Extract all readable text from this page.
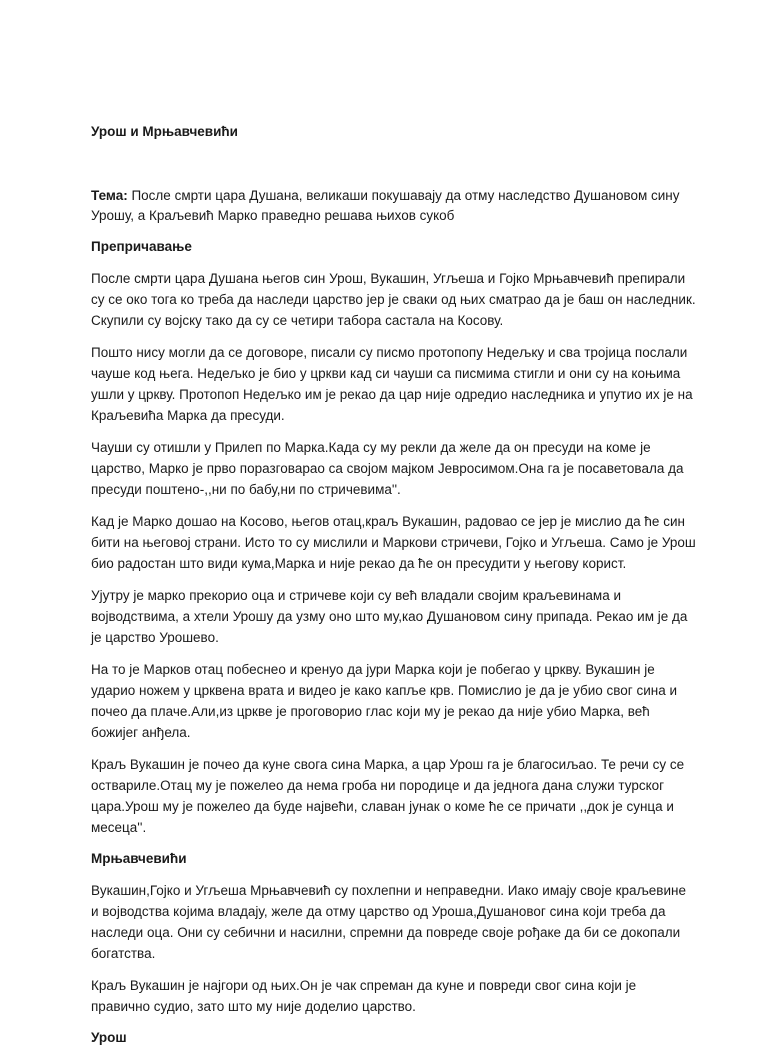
Урош и Мрњавчевићи
Тема: После смрти цара Душана, великаши покушавају да отму наследство Душановом сину Урошу, а Краљевић Марко праведно решава њихов сукоб
Препричавање

После смрти цара Душана његов син Урош, Вукашин, Угљеша и Гојко Мрњавчевић препирали су се око тога ко треба да наследи царство јер је сваки од њих сматрао да је баш он наследник. Скупили су војску тако да су се четири табора састала на Косову.

Пошто нису могли да се договоре, писали су писмо протопопу Недељку и сва тројица послали чауше код њега. Недељко је био у цркви кад си чауши са писмима стигли и они су на коњима ушли у цркву. Протопоп Недељко им је рекао да цар није одредио наследника и упутио их је на Краљевића Марка да пресуди.

Чауши су отишли у Прилеп по Марка.Када су му рекли да желе да он пресуди на коме је царство, Марко је прво поразговарао са својом мајком Јевросимом.Она га је посаветовала да пресуди поштено-,,ни по бабу,ни по стричевима''.

Кад је Марко дошао на Косово, његов отац,краљ Вукашин, радовао се јер је мислио да ће син бити на његовој страни. Исто то су мислили и Маркови стричеви, Гојко и Угљеша. Само је Урош био радостан што види кума,Марка и није рекао да ће он пресудити у његову корист.

Ујутру је марко прекорио оца и стричеве који су већ владали својим краљевинама и војводствима, а хтели Урошу да узму оно што му,као Душановом сину припада. Рекао им је да је царство Урошево.

На то је Марков отац побеснео и кренуо да јури Марка који је побегао у цркву. Вукашин је ударио ножем у црквена врата и видео је како капље крв. Помислио је да је убио свог сина и почео да плаче.Али,из цркве је проговорио глас који му је рекао да није убио Марка, већ божијег анђела.

Краљ Вукашин је почео да куне свога сина Марка, а цар Урош га је благосиљао. Те речи су се оствариле.Отац му је пожелео да нема гроба ни породице и да једнога дана служи турског цара.Урош му је пожелео да буде највећи, славан јунак о коме ће се причати ,,док је сунца и месеца''.

Мрњавчевићи

Вукашин,Гојко и Угљеша Мрњавчевић су похлепни и неправедни. Иако имају своје краљевине и војводства којима владају, желе да отму царство од Уроша,Душановог сина који треба да наследи оца. Они су себични и насилни, спремни да повреде своје рођаке да би се докопали богатства.

Краљ Вукашин је најгори од њих.Он је чак спреман да куне и повреди свог сина који је правично судио, зато што му није доделио царство.

Урош
